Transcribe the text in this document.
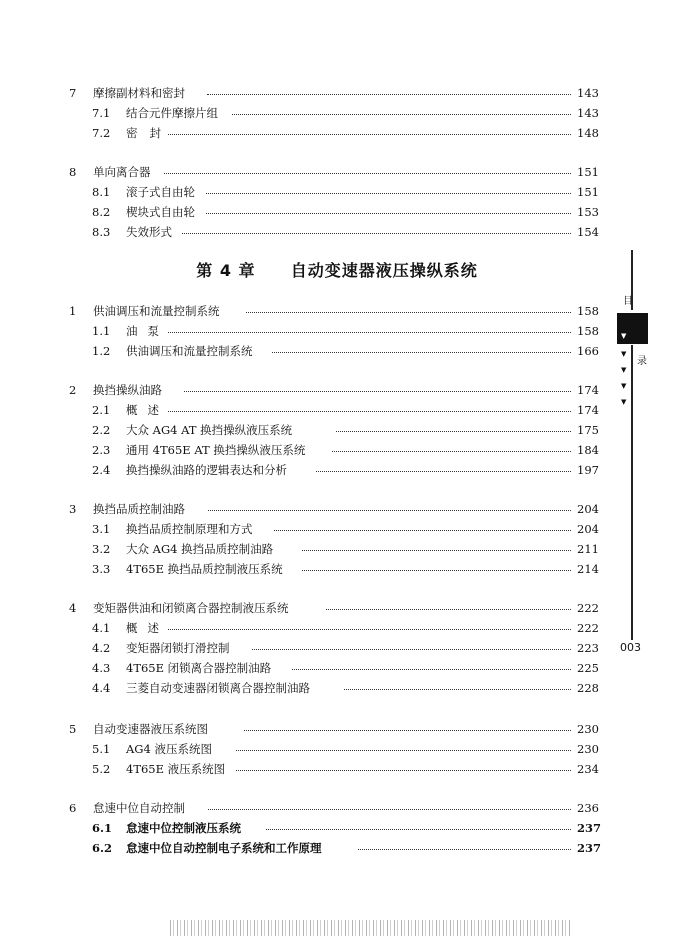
7 摩擦副材料和密封	143
7.1 结合元件摩擦片组	143
7.2 密封	148
8 单向离合器	151
8.1 滚子式自由轮	151
8.2 楔块式自由轮	153
8.3 失效形式	154
第 4 章 自动变速器液压操纵系统
1 供油调压和流量控制系统	158
1.1 油泵	158
1.2 供油调压和流量控制系统	166
2 换挡操纵油路	174
2.1 概述	174
2.2 大众 AG4 AT 换挡操纵液压系统	175
2.3 通用 4T65E AT 换挡操纵液压系统	184
2.4 换挡操纵油路的逻辑表达和分析	197
3 换挡品质控制油路	204
3.1 换挡品质控制原理和方式	204
3.2 大众 AG4 换挡品质控制油路	211
3.3 4T65E 换挡品质控制液压系统	214
4 变矩器供油和闭锁离合器控制液压系统	222
4.1 概述	222
4.2 变矩器闭锁打滑控制	223
4.3 4T65E 闭锁离合器控制油路	225
4.4 三菱自动变速器闭锁离合器控制油路	228
5 自动变速器液压系统图	230
5.1 AG4 液压系统图	230
5.2 4T65E 液压系统图	234
6 怠速中位自动控制	236
6.1 怠速中位控制液压系统	237
6.2 怠速中位自动控制电子系统和工作原理	237
目
录
▼
▼
▼
▼
▼
003
